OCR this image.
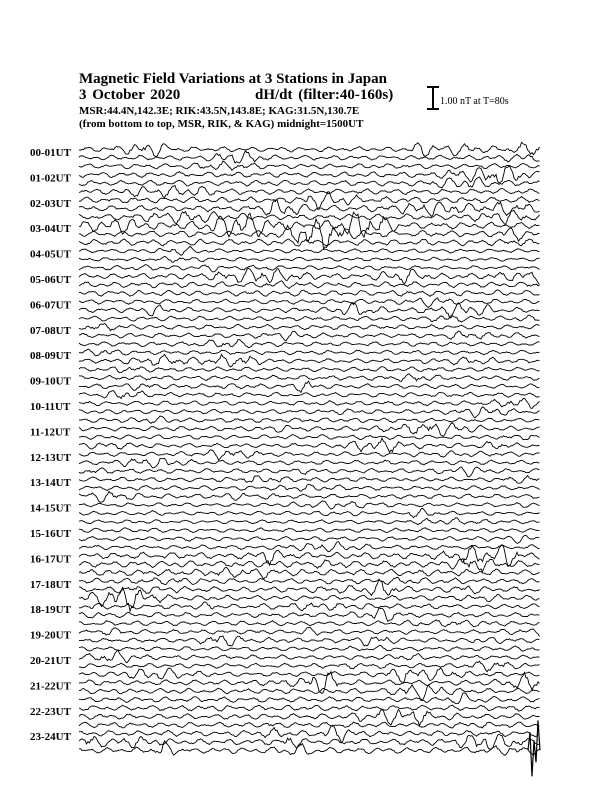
Magnetic Field Variations at 3 Stations in Japan
3 October 2020	dH/dt (filter:40-160s)
MSR:44.4N,142.3E; RIK:43.5N,143.8E; KAG:31.5N,130.7E
(from bottom to top, MSR, RIK, & KAG) midnight=1500UT
1.00 nT at T=80s
00-01UT
01-02UT
02-03UT
03-04UT
04-05UT
05-06UT
06-07UT
07-08UT
08-09UT
09-10UT
10-11UT
11-12UT
12-13UT
13-14UT
14-15UT
15-16UT
16-17UT
17-18UT
18-19UT
19-20UT
20-21UT
21-22UT
22-23UT
23-24UT
